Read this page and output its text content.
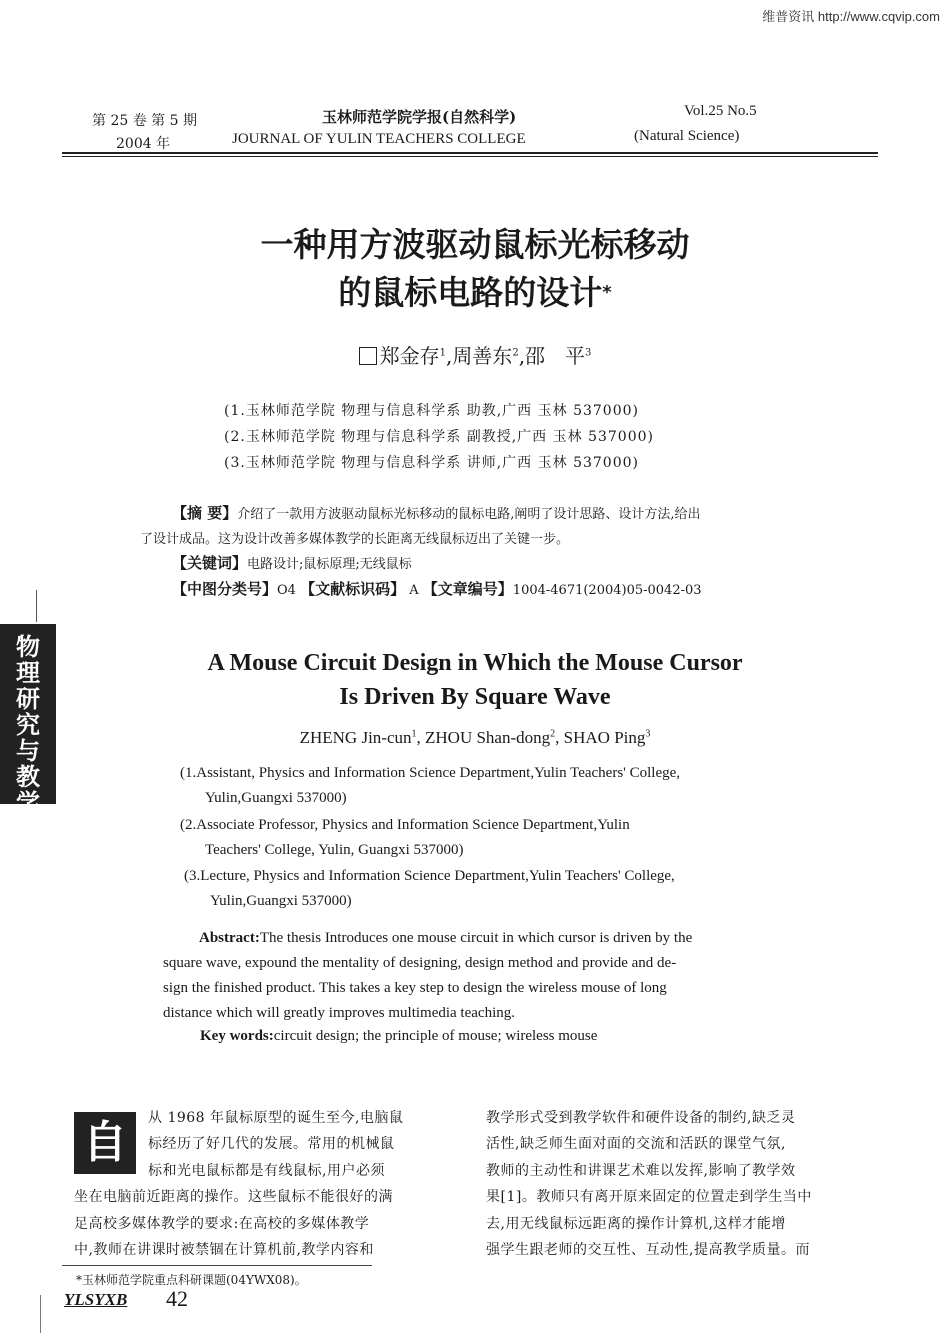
维普资讯 http://www.cqvip.com
第 25 卷 第 5 期
2004 年
玉林师范学院学报(自然科学)
JOURNAL OF YULIN TEACHERS COLLEGE
Vol.25 No.5
(Natural Science)
一种用方波驱动鼠标光标移动
的鼠标电路的设计*
郑金存$^1$,周善东$^2$,邵　平$^3$
(1.玉林师范学院 物理与信息科学系 助教,广西 玉林 537000)
(2.玉林师范学院 物理与信息科学系 副教授,广西 玉林 537000)
(3.玉林师范学院 物理与信息科学系 讲师,广西 玉林 537000)
【摘 要】介绍了一款用方波驱动鼠标光标移动的鼠标电路,阐明了设计思路、设计方法,给出
了设计成品。这为设计改善多媒体教学的长距离无线鼠标迈出了关键一步。
【关键词】电路设计;鼠标原理;无线鼠标
【中图分类号】O4 【文献标识码】 A 【文章编号】1004-4671(2004)05-0042-03
物
理
研
究
与
教
学
A Mouse Circuit Design in Which the Mouse Cursor
Is Driven By Square Wave
ZHENG Jin-cun$^1$, ZHOU Shan-dong$^2$, SHAO Ping$^3$
(1.Assistant, Physics and Information Science Department,Yulin Teachers' College,
Yulin,Guangxi 537000)
(2.Associate Professor, Physics and Information Science Department,Yulin
Teachers' College, Yulin, Guangxi 537000)
(3.Lecture, Physics and Information Science Department,Yulin Teachers' College,
Yulin,Guangxi 537000)
Abstract:The thesis Introduces one mouse circuit in which cursor is driven by the
square wave, expound the mentality of designing, design method and provide and de-
sign the finished product. This takes a key step to design the wireless mouse of long
distance which will greatly improves multimedia teaching.
Key words:circuit design; the principle of mouse; wireless mouse
自	从 1968 年鼠标原型的诞生至今,电脑鼠
标经历了好几代的发展。常用的机械鼠
标和光电鼠标都是有线鼠标,用户必须
坐在电脑前近距离的操作。这些鼠标不能很好的满
足高校多媒体教学的要求:在高校的多媒体教学
中,教师在讲课时被禁锢在计算机前,教学内容和
教学形式受到教学软件和硬件设备的制约,缺乏灵
活性,缺乏师生面对面的交流和活跃的课堂气氛,
教师的主动性和讲课艺术难以发挥,影响了教学效
果[1]。教师只有离开原来固定的位置走到学生当中
去,用无线鼠标远距离的操作计算机,这样才能增
强学生跟老师的交互性、互动性,提高教学质量。而
*玉林师范学院重点科研课题(04YWX08)。
YLSYXB 42
